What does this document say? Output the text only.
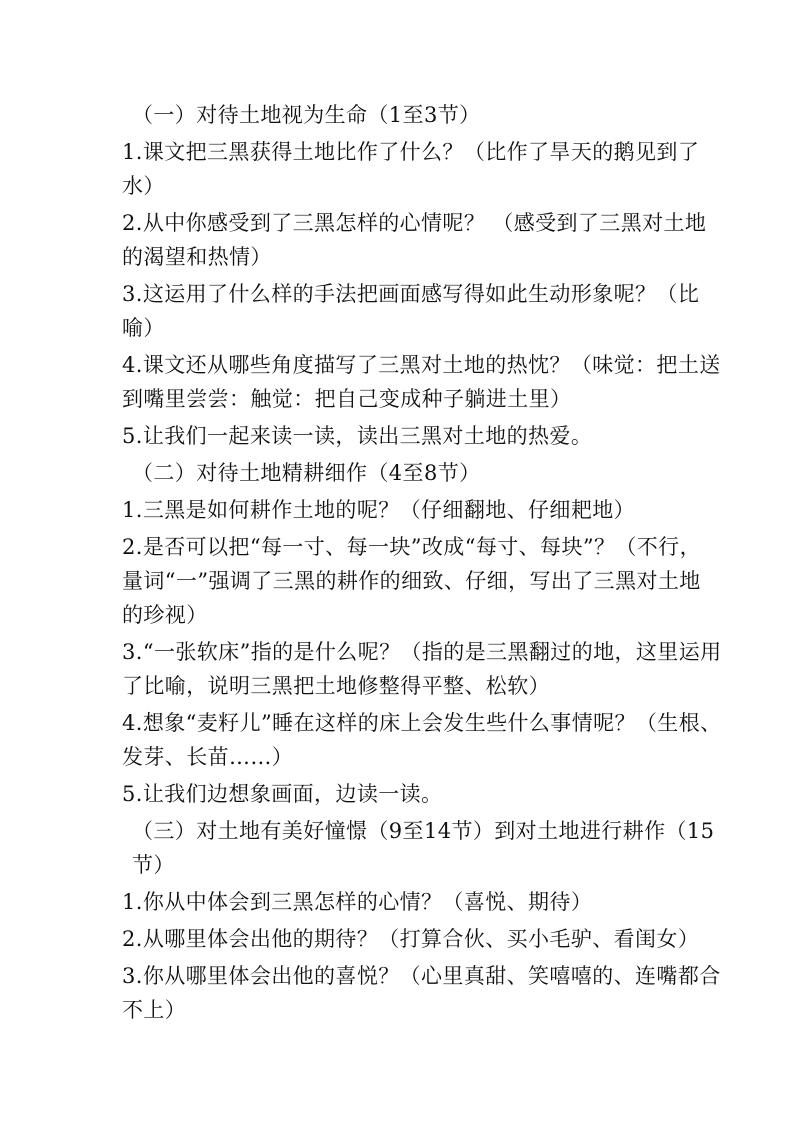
（一）对待土地视为生命（1至3节）

1.课文把三黑获得土地比作了什么？（比作了旱天的鹅见到了水）

2.从中你感受到了三黑怎样的心情呢？ （感受到了三黑对土地的渴望和热情）

3.这运用了什么样的手法把画面感写得如此生动形象呢？（比喻）

4.课文还从哪些角度描写了三黑对土地的热忱？（味觉：把土送到嘴里尝尝：触觉：把自己变成种子躺进土里）

5.让我们一起来读一读，读出三黑对土地的热爱。

（二）对待土地精耕细作（4至8节）

1.三黑是如何耕作土地的呢？（仔细翻地、仔细耙地）

2.是否可以把“每一寸、每一块”改成“每寸、每块”？（不行，量词“一”强调了三黑的耕作的细致、仔细，写出了三黑对土地的珍视）

3.“一张软床”指的是什么呢？（指的是三黑翻过的地，这里运用了比喻，说明三黑把土地修整得平整、松软）

4.想象“麦籽儿”睡在这样的床上会发生些什么事情呢？（生根、发芽、长苗……）

5.让我们边想象画面，边读一读。

（三）对土地有美好憧憬（9至14节）到对土地进行耕作（15节）

1.你从中体会到三黑怎样的心情？（喜悦、期待）

2.从哪里体会出他的期待？（打算合伙、买小毛驴、看闺女）

3.你从哪里体会出他的喜悦？（心里真甜、笑嘻嘻的、连嘴都合不上）
